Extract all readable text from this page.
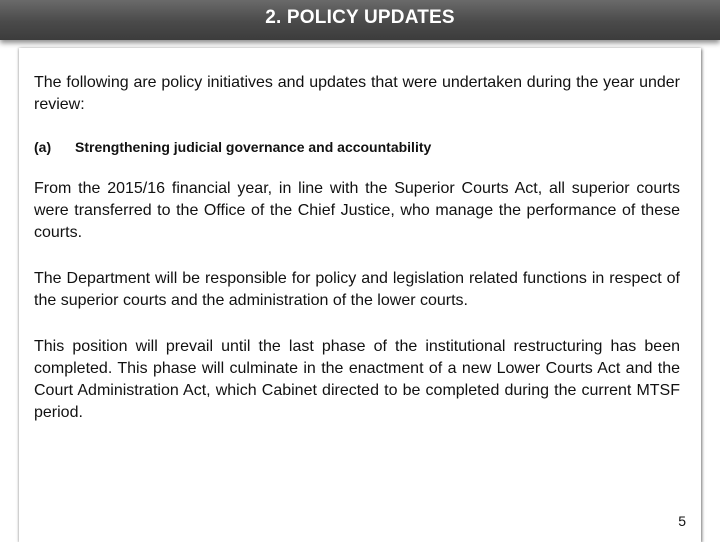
2. POLICY UPDATES

The following are policy initiatives and updates that were undertaken during the year under review:

(a)	Strengthening judicial governance and accountability

From the 2015/16 financial year, in line with the Superior Courts Act, all superior courts were transferred to the Office of the Chief Justice, who manage the performance of these courts.

The Department will be responsible for policy and legislation related functions in respect of the superior courts and the administration of the lower courts.

This position will prevail until the last phase of the institutional restructuring has been completed. This phase will culminate in the enactment of a new Lower Courts Act and the Court Administration Act, which Cabinet directed to be completed during the current MTSF period.

5
